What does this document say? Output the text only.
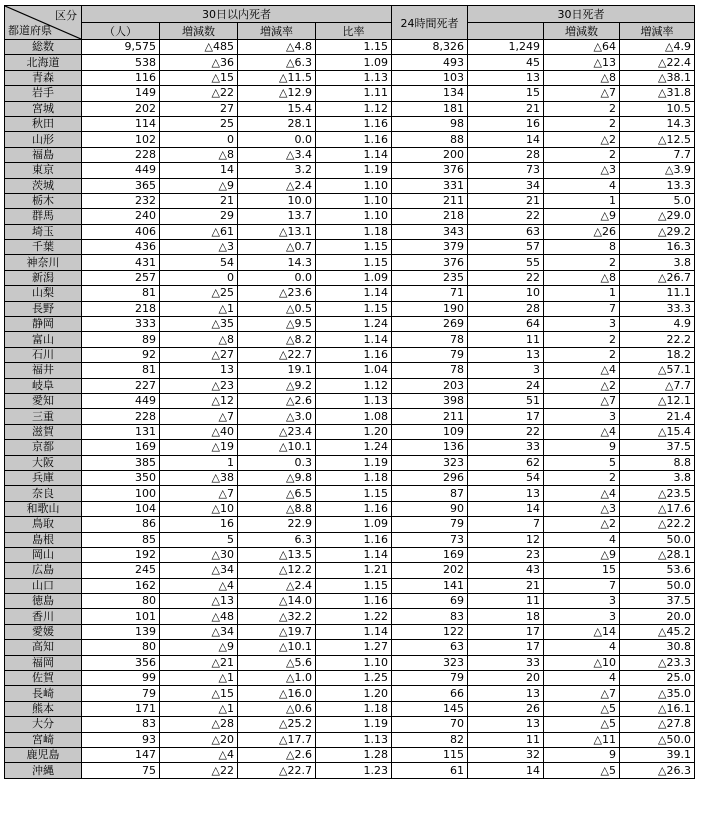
区分
都道府県	30日以内死者				24時間死者	30日死者		
	（人）	増減数	増減率	比率			増減数	増減率
総数	9,575	△485	△4.8	1.15	8,326	1,249	△64	△4.9
北海道	538	△36	△6.3	1.09	493	45	△13	△22.4
青森	116	△15	△11.5	1.13	103	13	△8	△38.1
岩手	149	△22	△12.9	1.11	134	15	△7	△31.8
宮城	202	27	15.4	1.12	181	21	2	10.5
秋田	114	25	28.1	1.16	98	16	2	14.3
山形	102	0	0.0	1.16	88	14	△2	△12.5
福島	228	△8	△3.4	1.14	200	28	2	7.7
東京	449	14	3.2	1.19	376	73	△3	△3.9
茨城	365	△9	△2.4	1.10	331	34	4	13.3
栃木	232	21	10.0	1.10	211	21	1	5.0
群馬	240	29	13.7	1.10	218	22	△9	△29.0
埼玉	406	△61	△13.1	1.18	343	63	△26	△29.2
千葉	436	△3	△0.7	1.15	379	57	8	16.3
神奈川	431	54	14.3	1.15	376	55	2	3.8
新潟	257	0	0.0	1.09	235	22	△8	△26.7
山梨	81	△25	△23.6	1.14	71	10	1	11.1
長野	218	△1	△0.5	1.15	190	28	7	33.3
静岡	333	△35	△9.5	1.24	269	64	3	4.9
富山	89	△8	△8.2	1.14	78	11	2	22.2
石川	92	△27	△22.7	1.16	79	13	2	18.2
福井	81	13	19.1	1.04	78	3	△4	△57.1
岐阜	227	△23	△9.2	1.12	203	24	△2	△7.7
愛知	449	△12	△2.6	1.13	398	51	△7	△12.1
三重	228	△7	△3.0	1.08	211	17	3	21.4
滋賀	131	△40	△23.4	1.20	109	22	△4	△15.4
京都	169	△19	△10.1	1.24	136	33	9	37.5
大阪	385	1	0.3	1.19	323	62	5	8.8
兵庫	350	△38	△9.8	1.18	296	54	2	3.8
奈良	100	△7	△6.5	1.15	87	13	△4	△23.5
和歌山	104	△10	△8.8	1.16	90	14	△3	△17.6
鳥取	86	16	22.9	1.09	79	7	△2	△22.2
島根	85	5	6.3	1.16	73	12	4	50.0
岡山	192	△30	△13.5	1.14	169	23	△9	△28.1
広島	245	△34	△12.2	1.21	202	43	15	53.6
山口	162	△4	△2.4	1.15	141	21	7	50.0
徳島	80	△13	△14.0	1.16	69	11	3	37.5
香川	101	△48	△32.2	1.22	83	18	3	20.0
愛媛	139	△34	△19.7	1.14	122	17	△14	△45.2
高知	80	△9	△10.1	1.27	63	17	4	30.8
福岡	356	△21	△5.6	1.10	323	33	△10	△23.3
佐賀	99	△1	△1.0	1.25	79	20	4	25.0
長崎	79	△15	△16.0	1.20	66	13	△7	△35.0
熊本	171	△1	△0.6	1.18	145	26	△5	△16.1
大分	83	△28	△25.2	1.19	70	13	△5	△27.8
宮崎	93	△20	△17.7	1.13	82	11	△11	△50.0
鹿児島	147	△4	△2.6	1.28	115	32	9	39.1
沖縄	75	△22	△22.7	1.23	61	14	△5	△26.3
